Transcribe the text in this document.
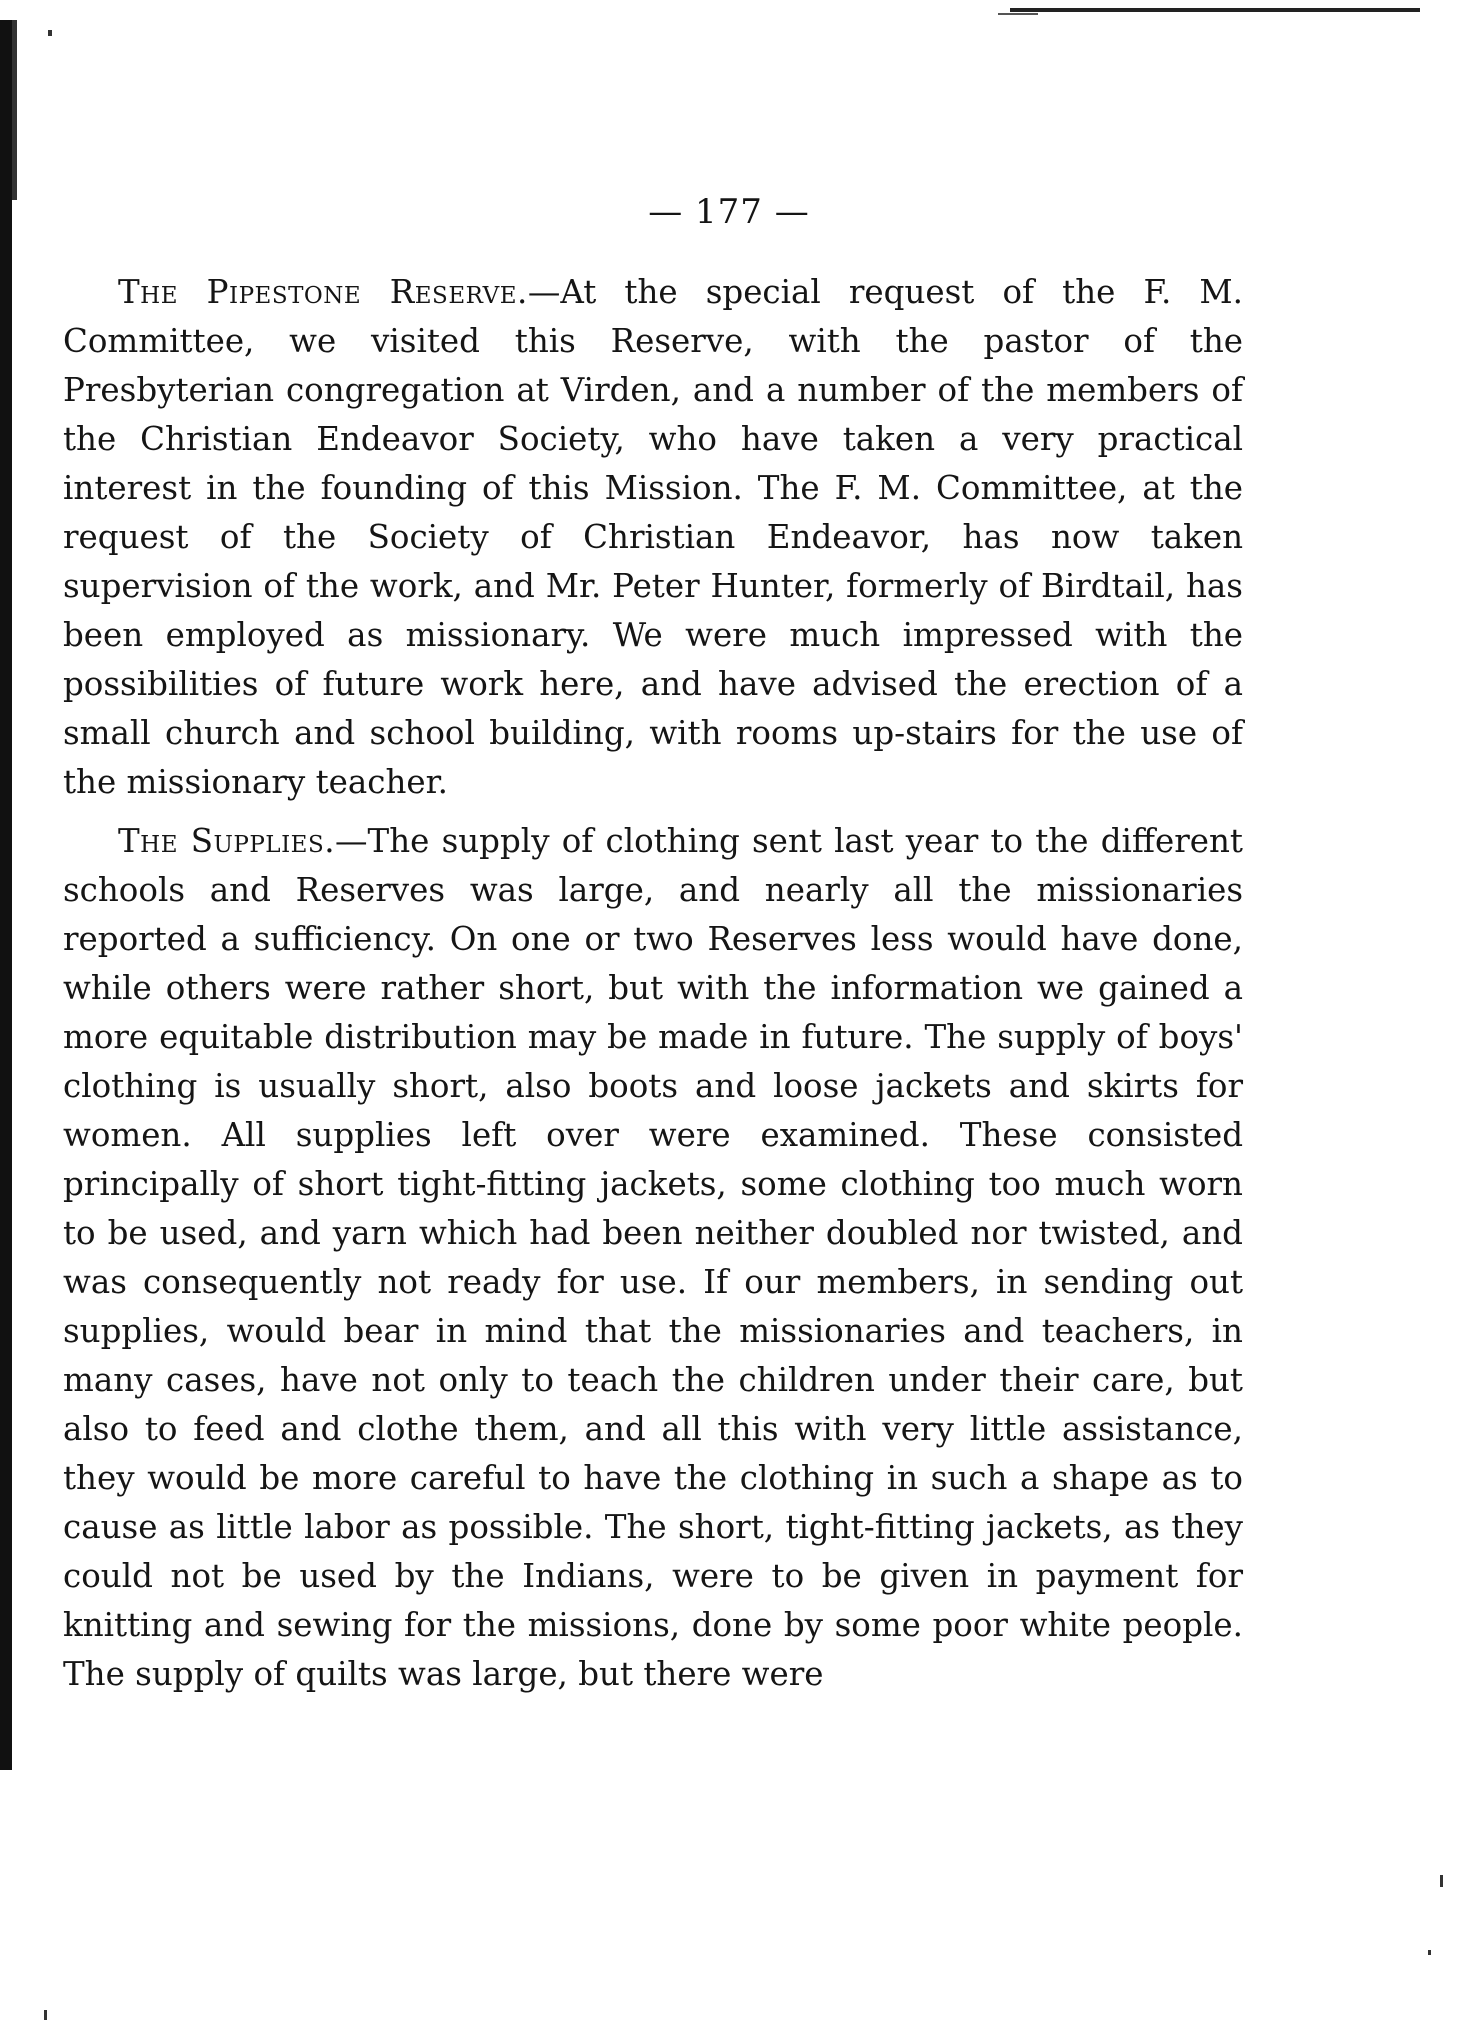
— 177 —

The Pipestone Reserve.—At the special request of the F. M. Committee, we visited this Reserve, with the pastor of the Presbyterian congregation at Virden, and a number of the members of the Christian Endeavor Society, who have taken a very practical interest in the founding of this Mission. The F. M. Committee, at the request of the Society of Christian Endeavor, has now taken supervision of the work, and Mr. Peter Hunter, formerly of Birdtail, has been employed as missionary. We were much impressed with the possibilities of future work here, and have advised the erection of a small church and school building, with rooms up-stairs for the use of the missionary teacher.

The Supplies.—The supply of clothing sent last year to the different schools and Reserves was large, and nearly all the missionaries reported a sufficiency. On one or two Reserves less would have done, while others were rather short, but with the information we gained a more equitable distribution may be made in future. The supply of boys' clothing is usually short, also boots and loose jackets and skirts for women. All supplies left over were examined. These consisted principally of short tight-fitting jackets, some clothing too much worn to be used, and yarn which had been neither doubled nor twisted, and was consequently not ready for use. If our members, in sending out supplies, would bear in mind that the missionaries and teachers, in many cases, have not only to teach the children under their care, but also to feed and clothe them, and all this with very little assistance, they would be more careful to have the clothing in such a shape as to cause as little labor as possible. The short, tight-fitting jackets, as they could not be used by the Indians, were to be given in payment for knitting and sewing for the missions, done by some poor white people. The supply of quilts was large, but there were
